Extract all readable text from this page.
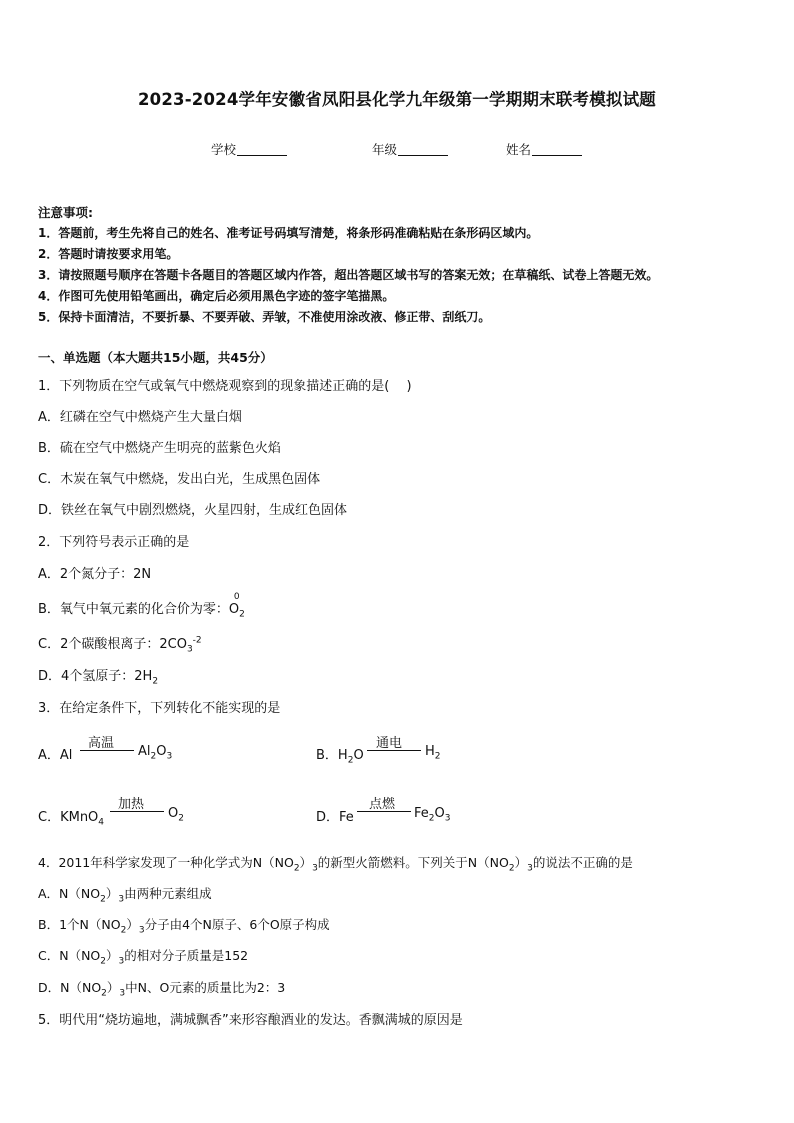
2023-2024学年安徽省凤阳县化学九年级第一学期期末联考模拟试题
学校	年级	姓名
注意事项:
1．答题前，考生先将自己的姓名、准考证号码填写清楚，将条形码准确粘贴在条形码区域内。
2．答题时请按要求用笔。
3．请按照题号顺序在答题卡各题目的答题区域内作答，超出答题区域书写的答案无效；在草稿纸、试卷上答题无效。
4．作图可先使用铅笔画出，确定后必须用黑色字迹的签字笔描黑。
5．保持卡面清洁，不要折暴、不要弄破、弄皱，不准使用涂改液、修正带、刮纸刀。
一、单选题（本大题共15小题，共45分）
1．下列物质在空气或氧气中燃烧观察到的现象描述正确的是(　 )
A．红磷在空气中燃烧产生大量白烟
B．硫在空气中燃烧产生明亮的蓝紫色火焰
C．木炭在氧气中燃烧，发出白光，生成黑色固体
D．铁丝在氧气中剧烈燃烧，火星四射，生成红色固体
2．下列符号表示正确的是
A．2个氮分子：2N
B．氧气中氧元素的化合价为零：
0
$O_2$
C．2个碳酸根离子：$2CO_3^{-2}$
D．4个氢原子：$2H_2$
3．在给定条件下，下列转化不能实现的是
A．Al
高温
$Al_2O_3$	B．$H_2O$
通电
$H_2$
C．KMnO$_4$
加热
$O_2$	D．Fe
点燃
$Fe_2O_3$
4．2011年科学家发现了一种化学式为$N(NO_2)_3$的新型火箭燃料。下列关于$N(NO_2)_3$的说法不正确的是
A．$N(NO_2)_3$由两种元素组成
B．1个$N(NO_2)_3$分子由4个N原子、6个O原子构成
C．$N(NO_2)_3$的相对分子质量是152
D．$N(NO_2)_3$中N、O元素的质量比为2：3
5．明代用“烧坊遍地，满城飘香”来形容酿酒业的发达。香飘满城的原因是
